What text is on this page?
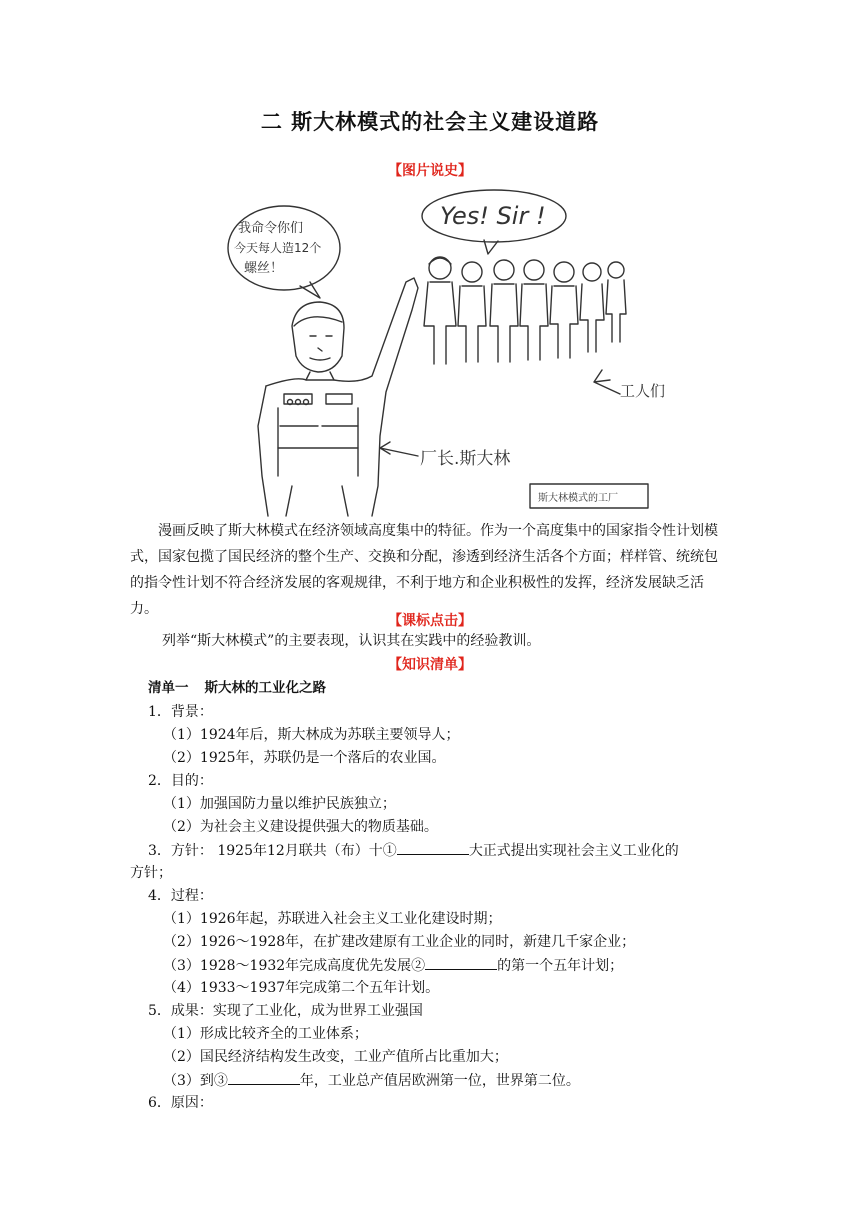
二 斯大林模式的社会主义建设道路
【图片说史】
我命令你们
今天每人造12个
螺丝！
Yes! Sir !
工人们
厂长.斯大林
斯大林模式的工厂
漫画反映了斯大林模式在经济领域高度集中的特征。作为一个高度集中的国家指令性计划模式，国家包揽了国民经济的整个生产、交换和分配，渗透到经济生活各个方面；样样管、统统包的指令性计划不符合经济发展的客观规律，不利于地方和企业积极性的发挥，经济发展缺乏活力。
【课标点击】
列举“斯大林模式”的主要表现，认识其在实践中的经验教训。
【知识清单】
清单一 斯大林的工业化之路
1．背景：
（1）1924年后，斯大林成为苏联主要领导人；
（2）1925年，苏联仍是一个落后的农业国。
2．目的：
（1）加强国防力量以维护民族独立；
（2）为社会主义建设提供强大的物质基础。
3．方针： 1925年12月联共（布）十①	大正式提出实现社会主义工业化的
方针；
4．过程：
（1）1926年起，苏联进入社会主义工业化建设时期；
（2）1926～1928年，在扩建改建原有工业企业的同时，新建几千家企业；
（3）1928～1932年完成高度优先发展②	的第一个五年计划；
（4）1933～1937年完成第二个五年计划。
5．成果：实现了工业化，成为世界工业强国
（1）形成比较齐全的工业体系；
（2）国民经济结构发生改变，工业产值所占比重加大；
（3）到③	年，工业总产值居欧洲第一位，世界第二位。
6．原因：
